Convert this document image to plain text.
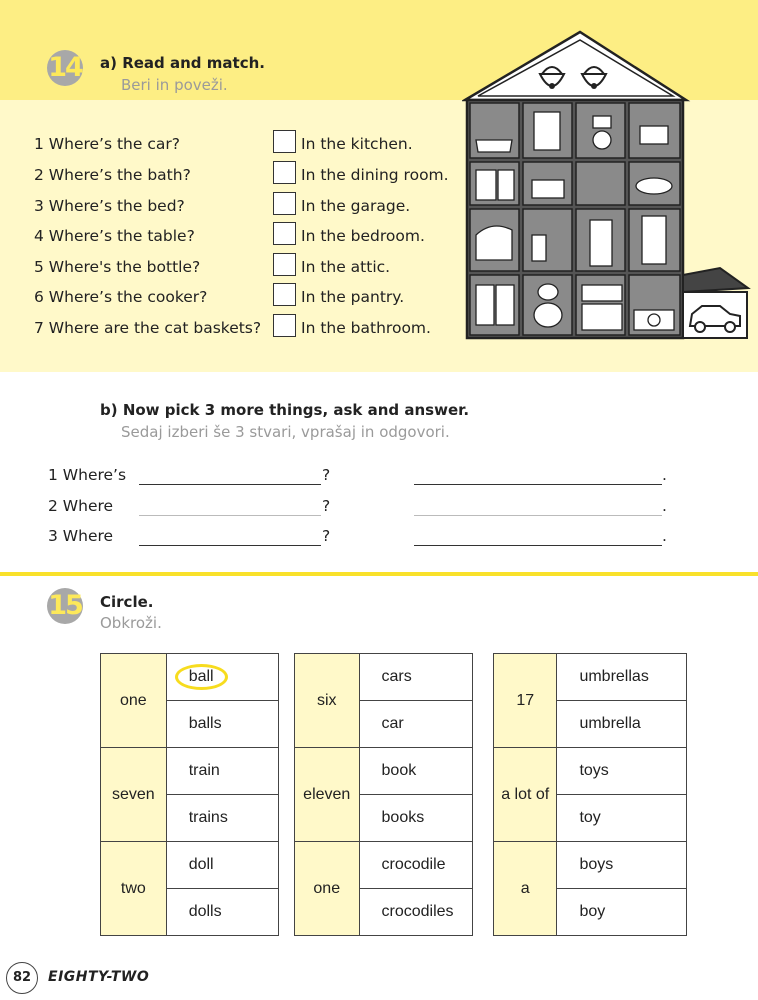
14 a) Read and match.
Beri in poveži.
1 Where’s the car?
2 Where’s the bath?
3 Where’s the bed?
4 Where’s the table?
5 Where's the bottle?
6 Where’s the cooker?
7 Where are the cat baskets?
In the kitchen.
In the dining room.
In the garage.
In the bedroom.
In the attic.
In the pantry.
In the bathroom.
b) Now pick 3 more things, ask and answer.
Sedaj izberi še 3 stvari, vprašaj in odgovori.
1 Where’s	?	.
2 Where	?	.
3 Where	?	.
15 Circle.
Obkroži.
one	ball
	balls
seven	train
	trains
two	doll
	dolls
six	cars
	car
eleven	book
	books
one	crocodile
	crocodiles
17	umbrellas
	umbrella
a lot of	toys
	toy
a	boys
	boy
82	EIGHTY-TWO
